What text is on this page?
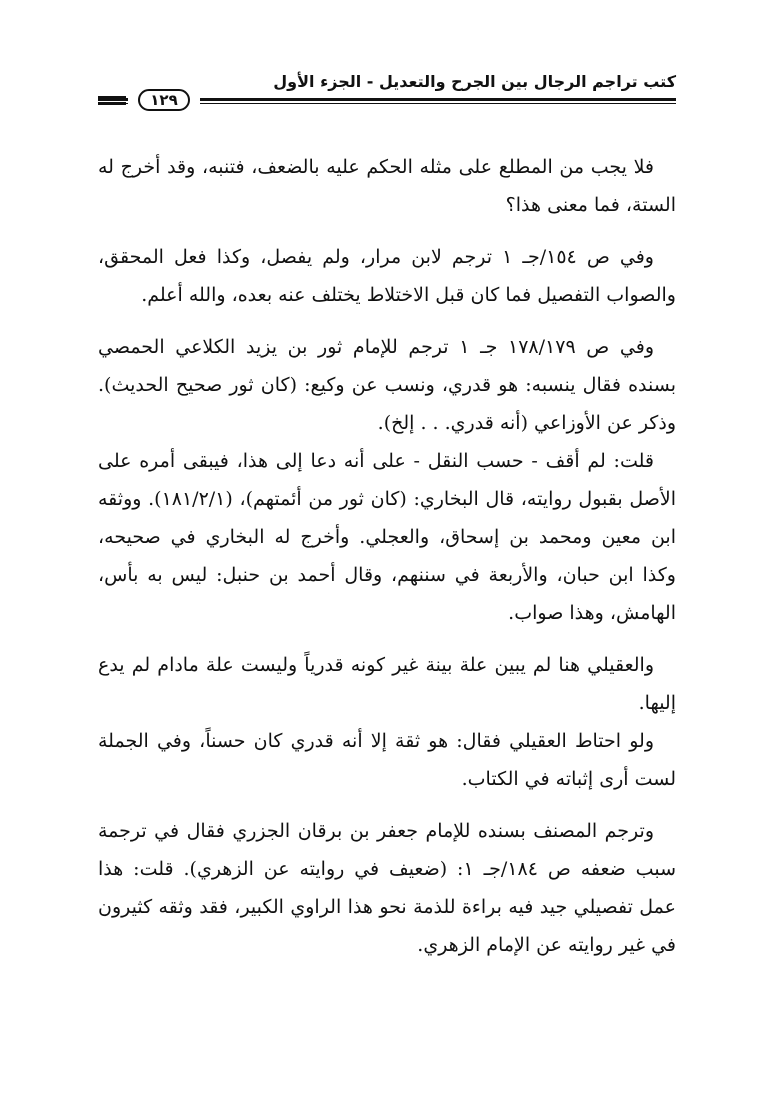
كتب تراجم الرجال بين الجرح والتعديل - الجزء الأول
١٢٩

فلا يجب من المطلع على مثله الحكم عليه بالضعف، فتنبه، وقد أخرج له الستة، فما معنى هذا؟

وفي ص ١٥٤/جـ ١ ترجم لابن مرار، ولم يفصل، وكذا فعل المحقق، والصواب التفصيل فما كان قبل الاختلاط يختلف عنه بعده، والله أعلم.

وفي ص ١٧٨/١٧٩ جـ ١ ترجم للإمام ثور بن يزيد الكلاعي الحمصي بسنده فقال ينسبه: هو قدري، ونسب عن وكيع: (كان ثور صحيح الحديث). وذكر عن الأوزاعي (أنه قدري. . . إلخ).

قلت: لم أقف - حسب النقل - على أنه دعا إلى هذا، فيبقى أمره على الأصل بقبول روايته، قال البخاري: (كان ثور من أئمتهم)، (١٨١/٢/١). ووثقه ابن معين ومحمد بن إسحاق، والعجلي. وأخرج له البخاري في صحيحه، وكذا ابن حبان، والأربعة في سننهم، وقال أحمد بن حنبل: ليس به بأس، الهامش، وهذا صواب.

والعقيلي هنا لم يبين علة بينة غير كونه قدرياً وليست علة مادام لم يدع إليها.

ولو احتاط العقيلي فقال: هو ثقة إلا أنه قدري كان حسناً، وفي الجملة لست أرى إثباته في الكتاب.

وترجم المصنف بسنده للإمام جعفر بن برقان الجزري فقال في ترجمة سبب ضعفه ص ١٨٤/جـ ١: (ضعيف في روايته عن الزهري). قلت: هذا عمل تفصيلي جيد فيه براءة للذمة نحو هذا الراوي الكبير، فقد وثقه كثيرون في غير روايته عن الإمام الزهري.
